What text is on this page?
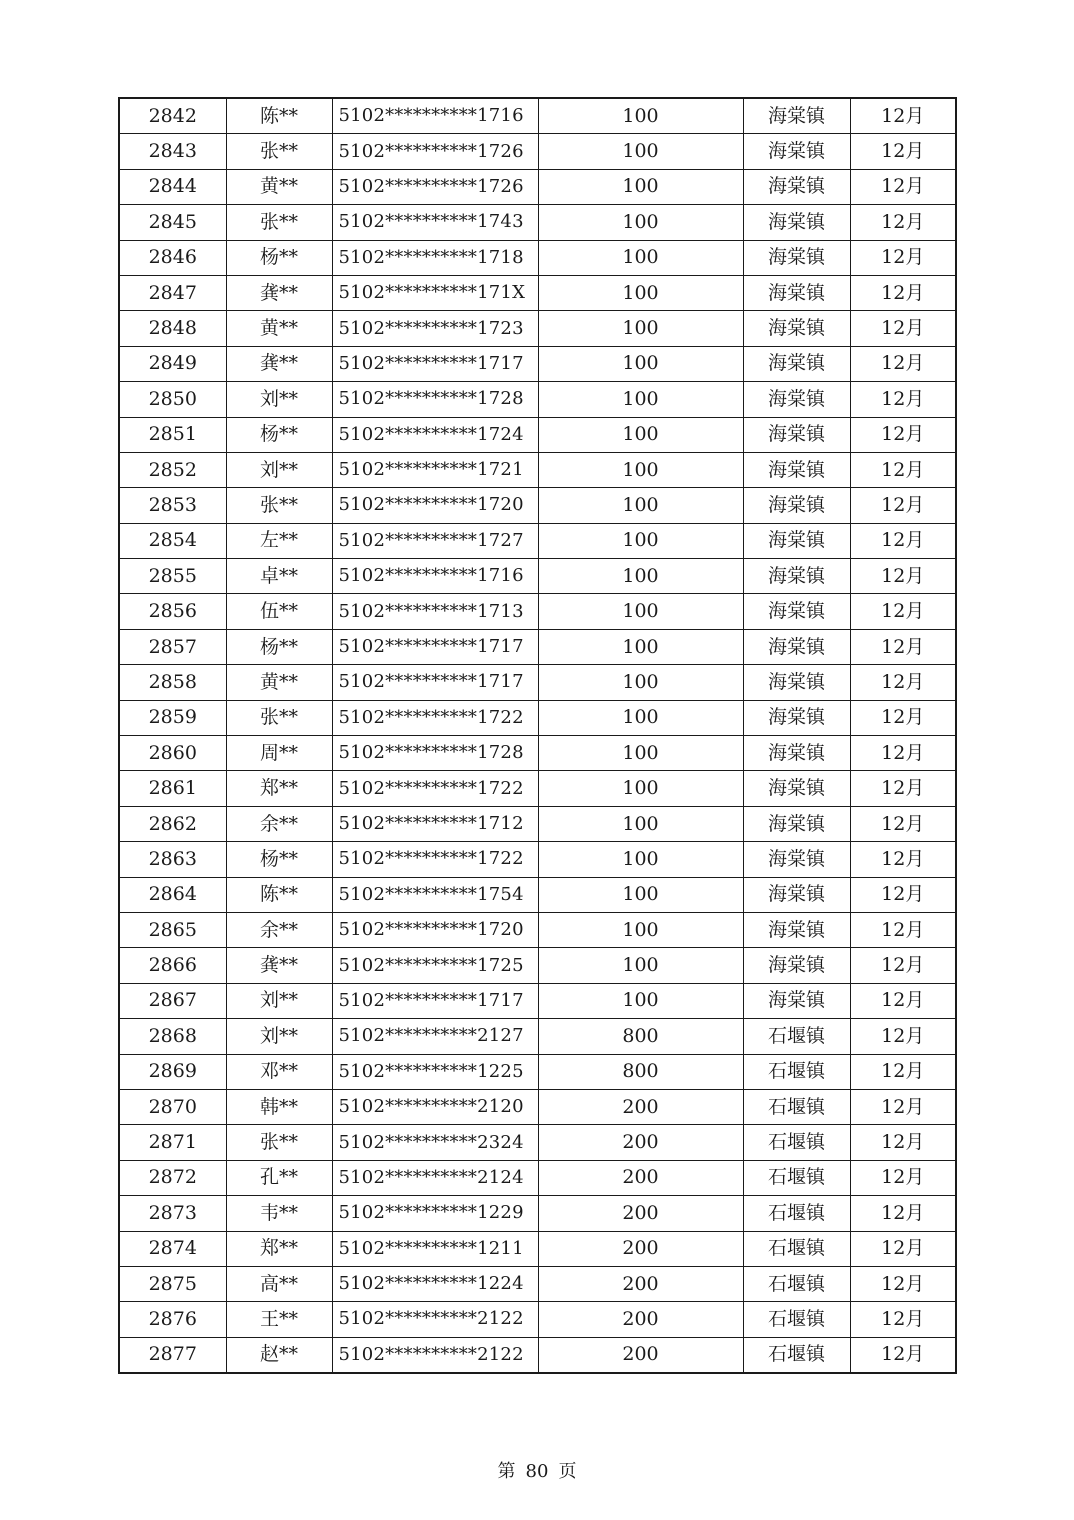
2842	陈**	5102**********1716	100	海棠镇	12月
2843	张**	5102**********1726	100	海棠镇	12月
2844	黄**	5102**********1726	100	海棠镇	12月
2845	张**	5102**********1743	100	海棠镇	12月
2846	杨**	5102**********1718	100	海棠镇	12月
2847	龚**	5102**********171X	100	海棠镇	12月
2848	黄**	5102**********1723	100	海棠镇	12月
2849	龚**	5102**********1717	100	海棠镇	12月
2850	刘**	5102**********1728	100	海棠镇	12月
2851	杨**	5102**********1724	100	海棠镇	12月
2852	刘**	5102**********1721	100	海棠镇	12月
2853	张**	5102**********1720	100	海棠镇	12月
2854	左**	5102**********1727	100	海棠镇	12月
2855	卓**	5102**********1716	100	海棠镇	12月
2856	伍**	5102**********1713	100	海棠镇	12月
2857	杨**	5102**********1717	100	海棠镇	12月
2858	黄**	5102**********1717	100	海棠镇	12月
2859	张**	5102**********1722	100	海棠镇	12月
2860	周**	5102**********1728	100	海棠镇	12月
2861	郑**	5102**********1722	100	海棠镇	12月
2862	余**	5102**********1712	100	海棠镇	12月
2863	杨**	5102**********1722	100	海棠镇	12月
2864	陈**	5102**********1754	100	海棠镇	12月
2865	余**	5102**********1720	100	海棠镇	12月
2866	龚**	5102**********1725	100	海棠镇	12月
2867	刘**	5102**********1717	100	海棠镇	12月
2868	刘**	5102**********2127	800	石堰镇	12月
2869	邓**	5102**********1225	800	石堰镇	12月
2870	韩**	5102**********2120	200	石堰镇	12月
2871	张**	5102**********2324	200	石堰镇	12月
2872	孔**	5102**********2124	200	石堰镇	12月
2873	韦**	5102**********1229	200	石堰镇	12月
2874	郑**	5102**********1211	200	石堰镇	12月
2875	高**	5102**********1224	200	石堰镇	12月
2876	王**	5102**********2122	200	石堰镇	12月
2877	赵**	5102**********2122	200	石堰镇	12月
第 80 页
